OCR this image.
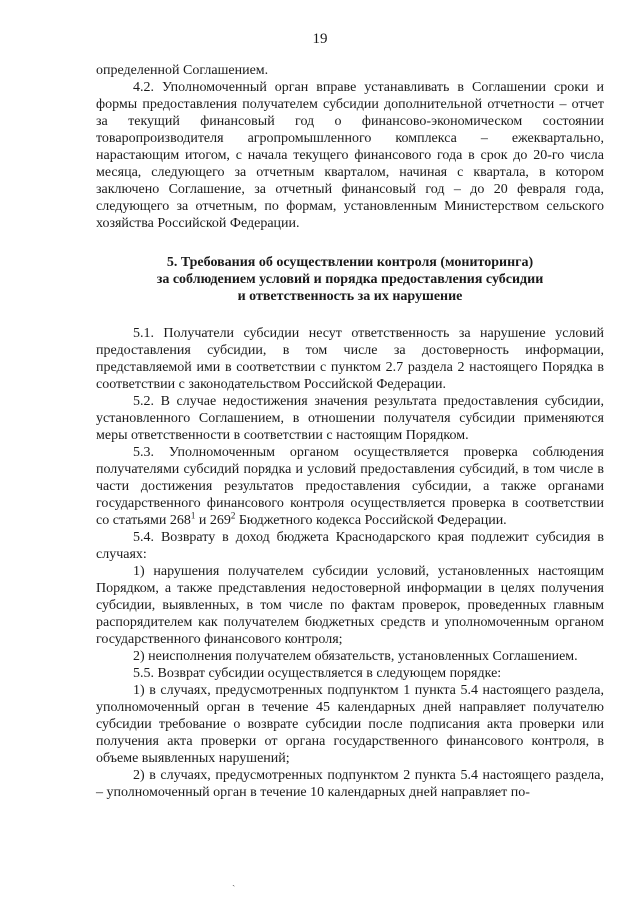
19

определенной Соглашением.

4.2. Уполномоченный орган вправе устанавливать в Соглашении сроки и формы предоставления получателем субсидии дополнительной отчетности – отчет за текущий финансовый год о финансово-экономическом состоянии товаропроизводителя агропромышленного комплекса – ежеквартально, нарастающим итогом, с начала текущего финансового года в срок до 20-го числа месяца, следующего за отчетным кварталом, начиная с квартала, в котором заключено Соглашение, за отчетный финансовый год – до 20 февраля года, следующего за отчетным, по формам, установленным Министерством сельского хозяйства Российской Федерации.

5. Требования об осуществлении контроля (мониторинга)
за соблюдением условий и порядка предоставления субсидии
и ответственность за их нарушение

5.1. Получатели субсидии несут ответственность за нарушение условий предоставления субсидии, в том числе за достоверность информации, представляемой ими в соответствии с пунктом 2.7 раздела 2 настоящего Порядка в соответствии с законодательством Российской Федерации.

5.2. В случае недостижения значения результата предоставления субсидии, установленного Соглашением, в отношении получателя субсидии применяются меры ответственности в соответствии с настоящим Порядком.

5.3. Уполномоченным органом осуществляется проверка соблюдения получателями субсидий порядка и условий предоставления субсидий, в том числе в части достижения результатов предоставления субсидии, а также органами государственного финансового контроля осуществляется проверка в соответствии со статьями $268^1$ и $269^2$ Бюджетного кодекса Российской Федерации.

5.4. Возврату в доход бюджета Краснодарского края подлежит субсидия в случаях:

1) нарушения получателем субсидии условий, установленных настоящим Порядком, а также представления недостоверной информации в целях получения субсидии, выявленных, в том числе по фактам проверок, проведенных главным распорядителем как получателем бюджетных средств и уполномоченным органом государственного финансового контроля;

2) неисполнения получателем обязательств, установленных Соглашением.

5.5. Возврат субсидии осуществляется в следующем порядке:

1) в случаях, предусмотренных подпунктом 1 пункта 5.4 настоящего раздела, уполномоченный орган в течение 45 календарных дней направляет получателю субсидии требование о возврате субсидии после подписания акта проверки или получения акта проверки от органа государственного финансового контроля, в объеме выявленных нарушений;

2) в случаях, предусмотренных подпунктом 2 пункта 5.4 настоящего раздела, – уполномоченный орган в течение 10 календарных дней направляет по-

ˏ
